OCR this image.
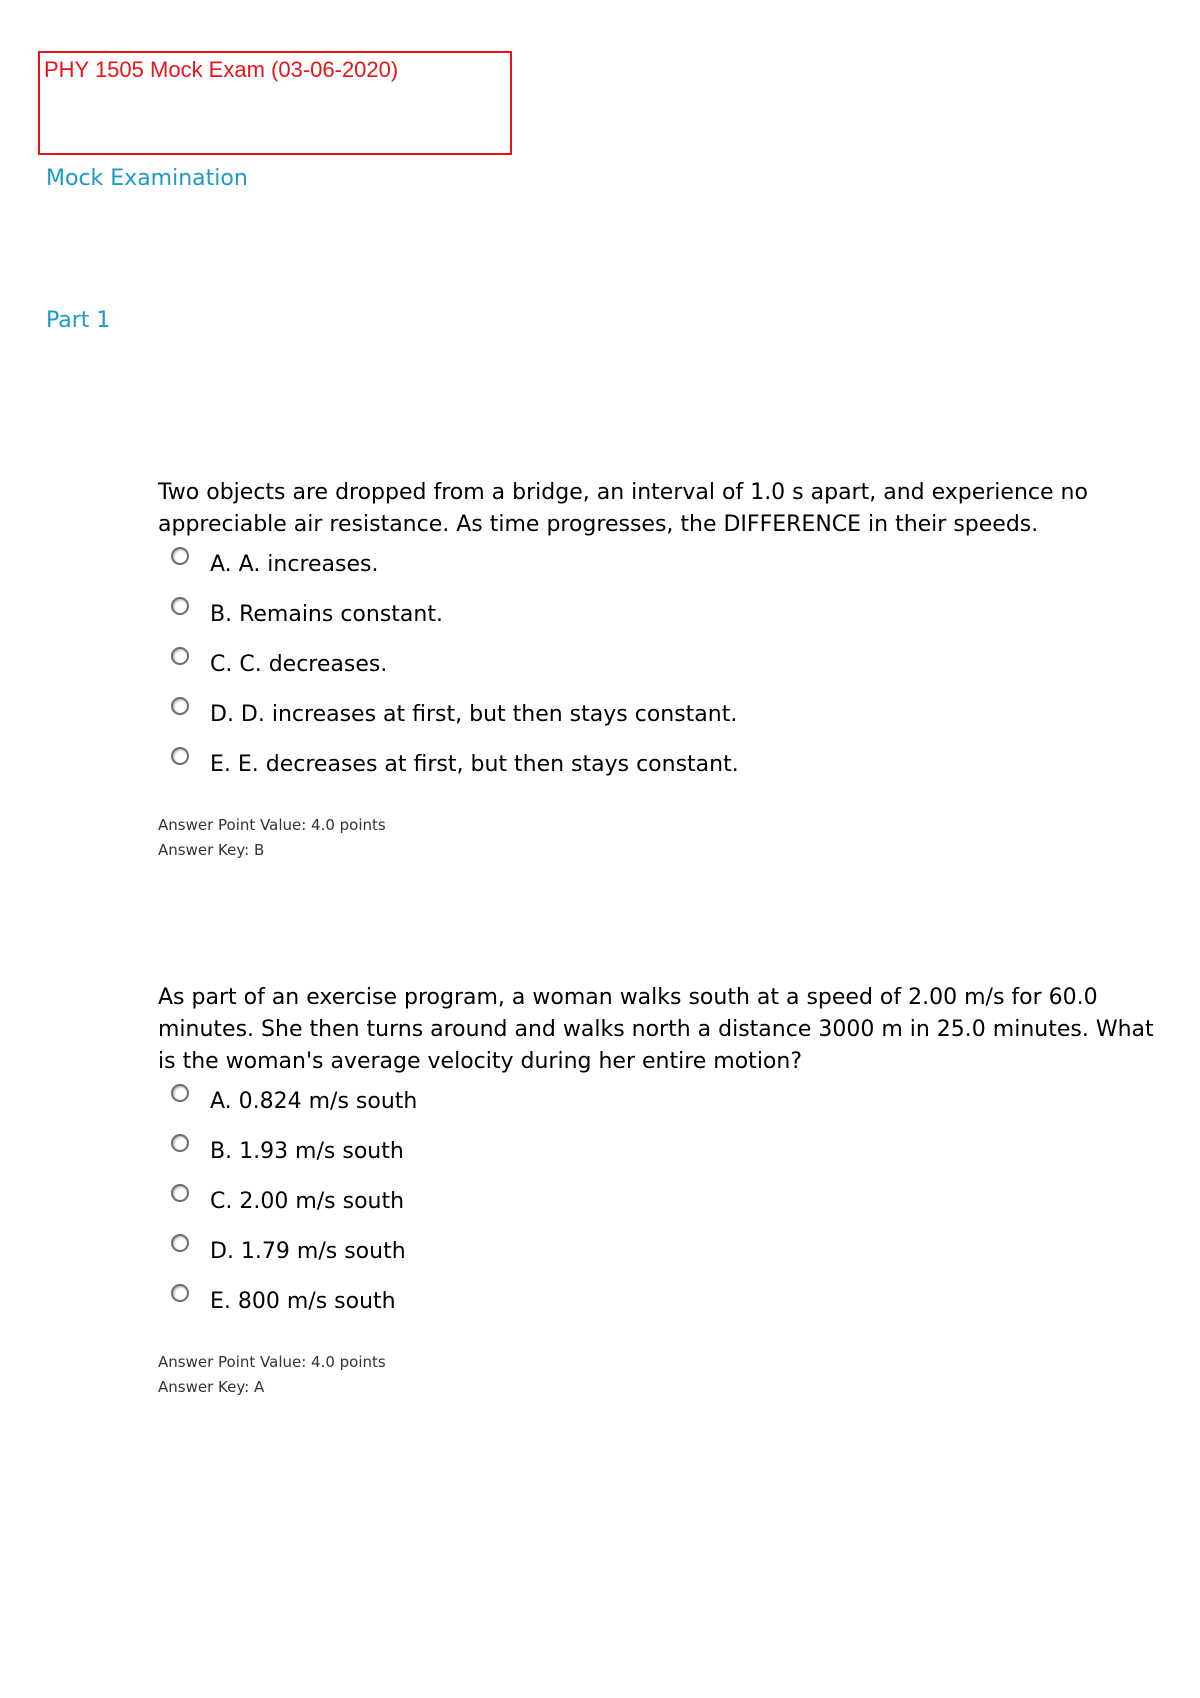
PHY 1505 Mock Exam (03-06-2020)
Mock Examination
Part 1

Two objects are dropped from a bridge, an interval of 1.0 s apart, and experience no appreciable air resistance. As time progresses, the DIFFERENCE in their speeds.

A. A. increases.
B. Remains constant.
C. C. decreases.
D. D. increases at first, but then stays constant.
E. E. decreases at first, but then stays constant.
Answer Point Value: 4.0 points
Answer Key: B

As part of an exercise program, a woman walks south at a speed of 2.00 m/s for 60.0 minutes. She then turns around and walks north a distance 3000 m in 25.0 minutes. What is the woman's average velocity during her entire motion?

A. 0.824 m/s south
B. 1.93 m/s south
C. 2.00 m/s south
D. 1.79 m/s south
E. 800 m/s south
Answer Point Value: 4.0 points
Answer Key: A
